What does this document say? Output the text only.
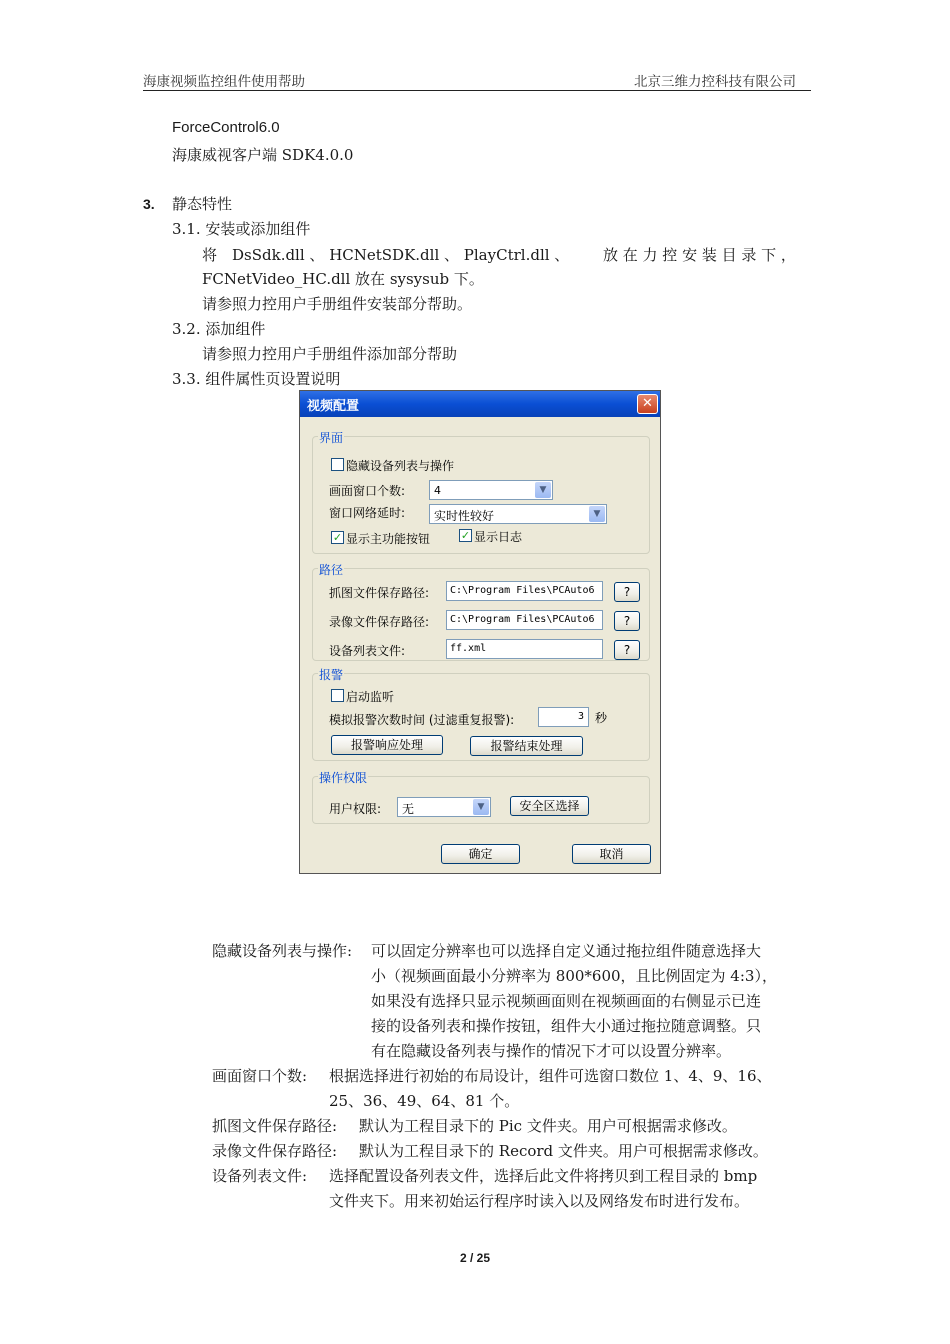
海康视频监控组件使用帮助	北京三维力控科技有限公司
ForceControl6.0
海康威视客户端 SDK4.0.0
3. 静态特性
3.1. 安装或添加组件
将　DsSdk.dll 、 HCNetSDK.dll 、 PlayCtrl.dll 、 放 在 力 控 安 装 目 录 下 ，
FCNetVideo_HC.dll 放在 sysysub 下。
请参照力控用户手册组件安装部分帮助。
3.2. 添加组件
请参照力控用户手册组件添加部分帮助
3.3. 组件属性页设置说明
视频配置	✕
界面
隐藏设备列表与操作
画面窗口个数:	4	▼
窗口网络延时: 实时性较好	▼
✓ 显示主功能按钮	✓ 显示日志
路径
抓图文件保存路径: C:\Program Files\PCAuto6	?
录像文件保存路径: C:\Program Files\PCAuto6	?
设备列表文件:	ff.xml	?
报警
启动监听
模拟报警次数时间 (过滤重复报警):	3 秒
报警响应处理	报警结束处理
操作权限
用户权限: 无	▼	安全区选择
确定	取消
隐藏设备列表与操作: 可以固定分辨率也可以选择自定义通过拖拉组件随意选择大
小（视频画面最小分辨率为 800*600，且比例固定为 4:3），
如果没有选择只显示视频画面则在视频画面的右侧显示已连
接的设备列表和操作按钮，组件大小通过拖拉随意调整。只
有在隐藏设备列表与操作的情况下才可以设置分辨率。
画面窗口个数: 根据选择进行初始的布局设计，组件可选窗口数位 1、4、9、16、
25、36、49、64、81 个。
抓图文件保存路径: 默认为工程目录下的 Pic 文件夹。用户可根据需求修改。
录像文件保存路径: 默认为工程目录下的 Record 文件夹。用户可根据需求修改。
设备列表文件: 选择配置设备列表文件，选择后此文件将拷贝到工程目录的 bmp
文件夹下。用来初始运行程序时读入以及网络发布时进行发布。
2 / 25
